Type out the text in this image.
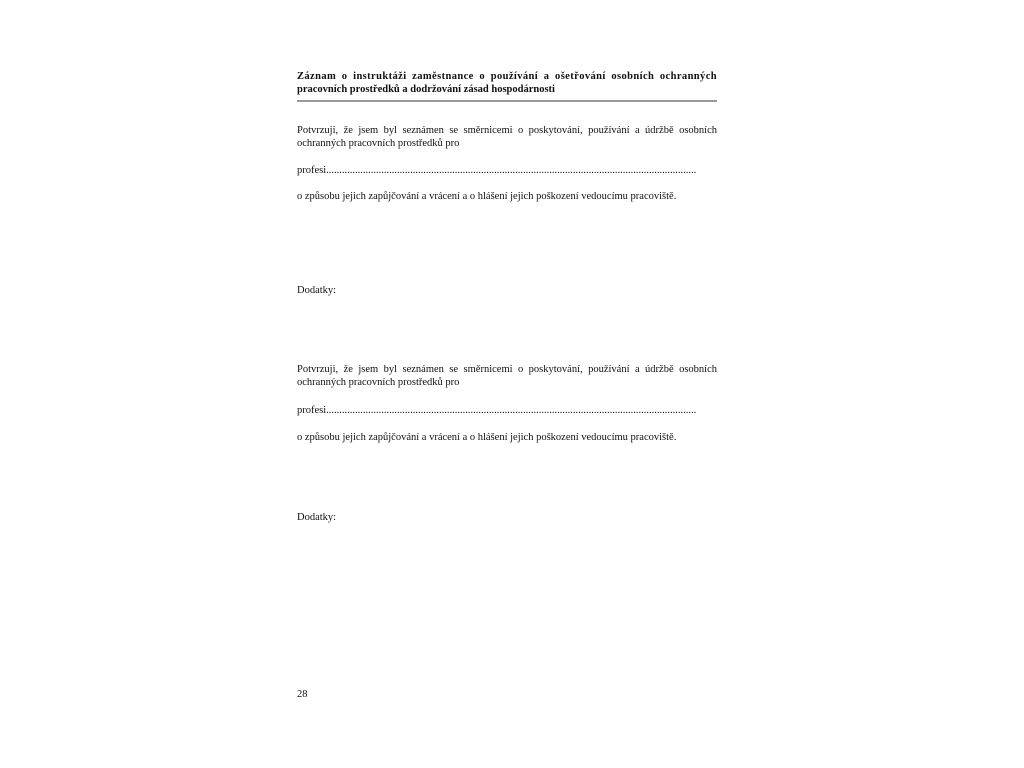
Záznam o instruktáži zaměstnance o používání a ošetřování osobních ochranných
pracovních prostředků a dodržování zásad hospodárnosti
Potvrzuji, že jsem byl seznámen se směrnicemi o poskytování, používání a údržbě osobních
ochranných pracovních prostředků pro
profesi.............................................................................................................................................
o způsobu jejich zapůjčování a vrácení a o hlášení jejich poškození vedoucímu pracoviště.
Dodatky:
Potvrzuji, že jsem byl seznámen se směrnicemi o poskytování, používání a údržbě osobních
ochranných pracovních prostředků pro
profesi.............................................................................................................................................
o způsobu jejich zapůjčování a vrácení a o hlášení jejich poškození vedoucímu pracoviště.
Dodatky:
28
